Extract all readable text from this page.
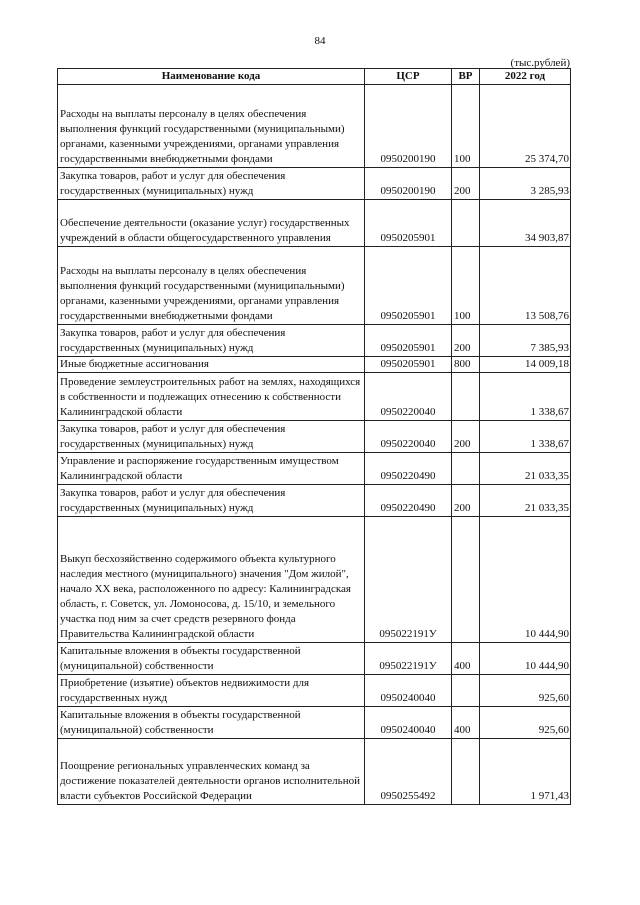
84
(тыс.рублей)
Наименование кода	ЦСР	ВР	2022 год
Расходы на выплаты персоналу в целях обеспечения выполнения функций государственными (муниципальными) органами, казенными учреждениями, органами управления государственными внебюджетными фондами	0950200190	100	25 374,70
Закупка товаров, работ и услуг для обеспечения государственных (муниципальных) нужд	0950200190	200	3 285,93
Обеспечение деятельности (оказание услуг) государственных учреждений в области общегосударственного управления	0950205901		34 903,87
Расходы на выплаты персоналу в целях обеспечения выполнения функций государственными (муниципальными) органами, казенными учреждениями, органами управления государственными внебюджетными фондами	0950205901	100	13 508,76
Закупка товаров, работ и услуг для обеспечения государственных (муниципальных) нужд	0950205901	200	7 385,93
Иные бюджетные ассигнования	0950205901	800	14 009,18
Проведение землеустроительных работ на землях, находящихся в собственности и подлежащих отнесению к собственности Калининградской области	0950220040		1 338,67
Закупка товаров, работ и услуг для обеспечения государственных (муниципальных) нужд	0950220040	200	1 338,67
Управление и распоряжение государственным имуществом Калининградской области	0950220490		21 033,35
Закупка товаров, работ и услуг для обеспечения государственных (муниципальных) нужд	0950220490	200	21 033,35
Выкуп бесхозяйственно содержимого объекта культурного наследия местного (муниципального) значения "Дом жилой", начало XX века, расположенного по адресу: Калининградская область, г. Советск, ул. Ломоносова, д. 15/10, и земельного участка под ним за счет средств резервного фонда Правительства Калининградской области	095022191У		10 444,90
Капитальные вложения в объекты государственной (муниципальной) собственности	095022191У	400	10 444,90
Приобретение (изъятие) объектов недвижимости для государственных нужд	0950240040		925,60
Капитальные вложения в объекты государственной (муниципальной) собственности	0950240040	400	925,60
Поощрение региональных управленческих команд за достижение показателей деятельности органов исполнительной власти субъектов Российской Федерации	0950255492		1 971,43
